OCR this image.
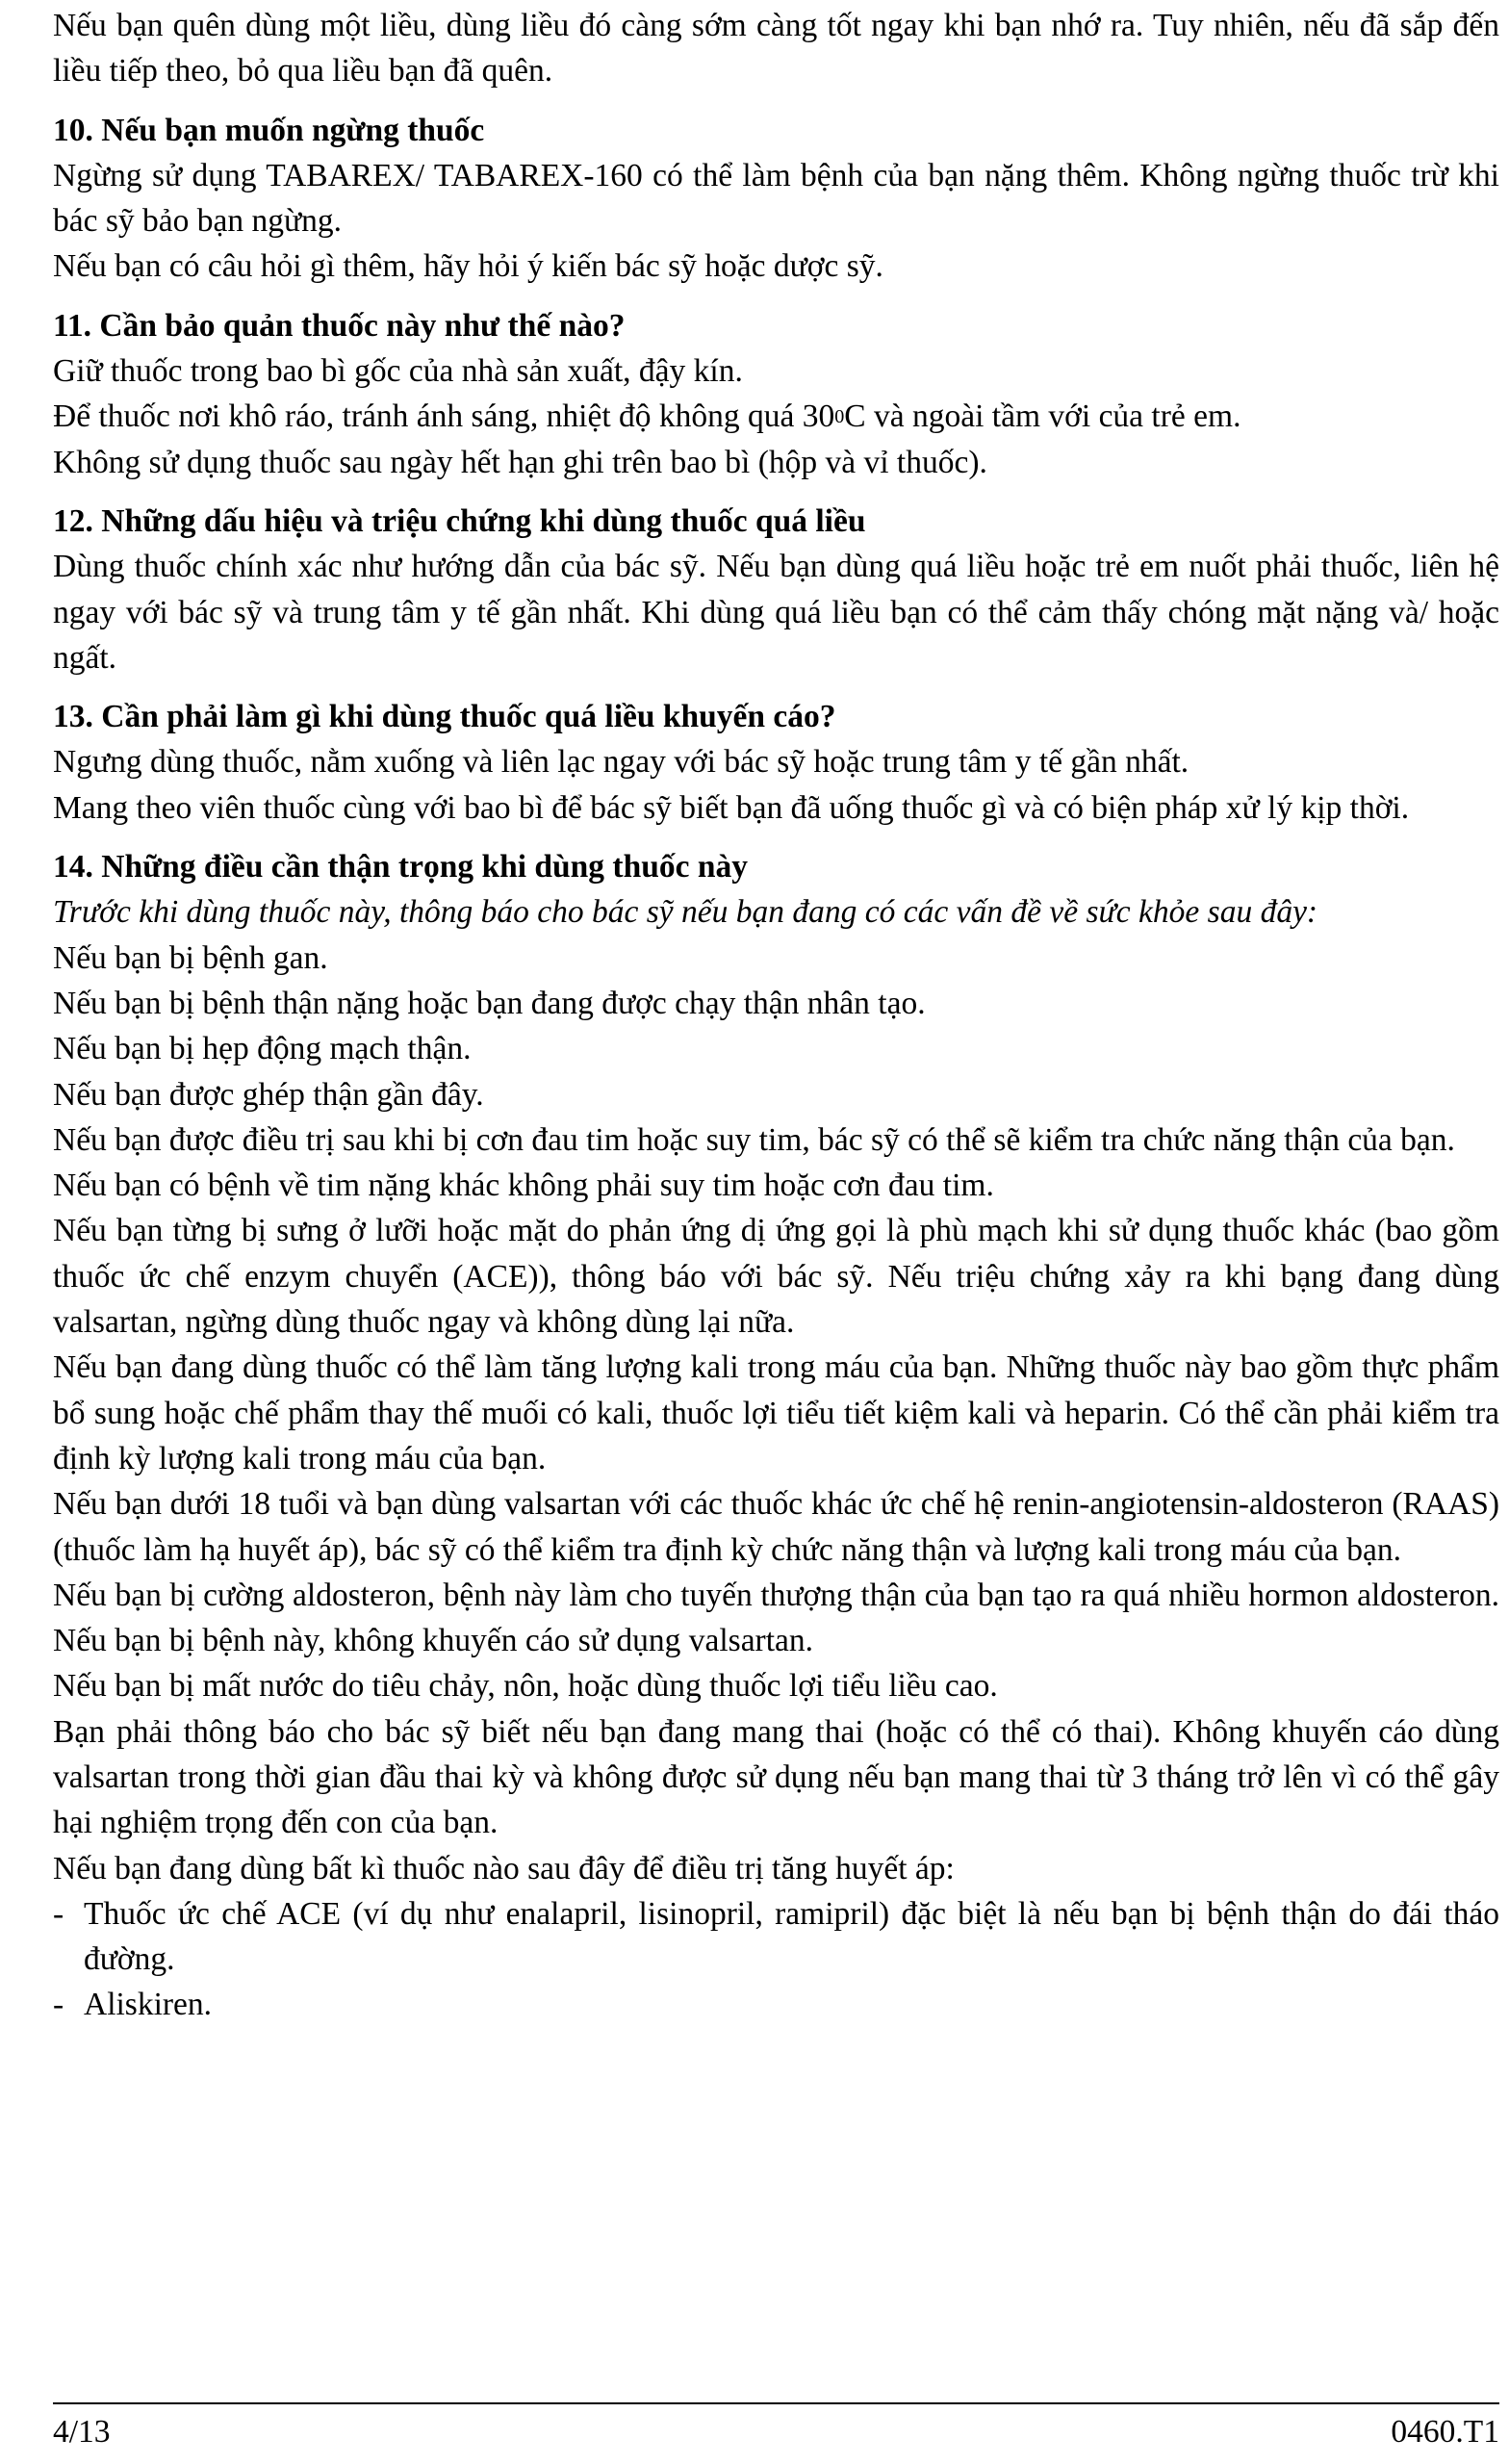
Nếu bạn quên dùng một liều, dùng liều đó càng sớm càng tốt ngay khi bạn nhớ ra. Tuy nhiên, nếu đã sắp đến liều tiếp theo, bỏ qua liều bạn đã quên.

10. Nếu bạn muốn ngừng thuốc

Ngừng sử dụng TABAREX/ TABAREX-160 có thể làm bệnh của bạn nặng thêm. Không ngừng thuốc trừ khi bác sỹ bảo bạn ngừng.

Nếu bạn có câu hỏi gì thêm, hãy hỏi ý kiến bác sỹ hoặc dược sỹ.

11. Cần bảo quản thuốc này như thế nào?

Giữ thuốc trong bao bì gốc của nhà sản xuất, đậy kín.

Để thuốc nơi khô ráo, tránh ánh sáng, nhiệt độ không quá $30^0C$ và ngoài tầm với của trẻ em.

Không sử dụng thuốc sau ngày hết hạn ghi trên bao bì (hộp và vỉ thuốc).

12. Những dấu hiệu và triệu chứng khi dùng thuốc quá liều

Dùng thuốc chính xác như hướng dẫn của bác sỹ. Nếu bạn dùng quá liều hoặc trẻ em nuốt phải thuốc, liên hệ ngay với bác sỹ và trung tâm y tế gần nhất. Khi dùng quá liều bạn có thể cảm thấy chóng mặt nặng và/ hoặc ngất.

13. Cần phải làm gì khi dùng thuốc quá liều khuyến cáo?

Ngưng dùng thuốc, nằm xuống và liên lạc ngay với bác sỹ hoặc trung tâm y tế gần nhất.

Mang theo viên thuốc cùng với bao bì để bác sỹ biết bạn đã uống thuốc gì và có biện pháp xử lý kịp thời.

14. Những điều cần thận trọng khi dùng thuốc này

Trước khi dùng thuốc này, thông báo cho bác sỹ nếu bạn đang có các vấn đề về sức khỏe sau đây:

Nếu bạn bị bệnh gan.

Nếu bạn bị bệnh thận nặng hoặc bạn đang được chạy thận nhân tạo.

Nếu bạn bị hẹp động mạch thận.

Nếu bạn được ghép thận gần đây.

Nếu bạn được điều trị sau khi bị cơn đau tim hoặc suy tim, bác sỹ có thể sẽ kiểm tra chức năng thận của bạn.

Nếu bạn có bệnh về tim nặng khác không phải suy tim hoặc cơn đau tim.

Nếu bạn từng bị sưng ở lưỡi hoặc mặt do phản ứng dị ứng gọi là phù mạch khi sử dụng thuốc khác (bao gồm thuốc ức chế enzym chuyển (ACE)), thông báo với bác sỹ. Nếu triệu chứng xảy ra khi bạng đang dùng valsartan, ngừng dùng thuốc ngay và không dùng lại nữa.

Nếu bạn đang dùng thuốc có thể làm tăng lượng kali trong máu của bạn. Những thuốc này bao gồm thực phẩm bổ sung hoặc chế phẩm thay thế muối có kali, thuốc lợi tiểu tiết kiệm kali và heparin. Có thể cần phải kiểm tra định kỳ lượng kali trong máu của bạn.

Nếu bạn dưới 18 tuổi và bạn dùng valsartan với các thuốc khác ức chế hệ renin-angiotensin-aldosteron (RAAS) (thuốc làm hạ huyết áp), bác sỹ có thể kiểm tra định kỳ chức năng thận và lượng kali trong máu của bạn.

Nếu bạn bị cường aldosteron, bệnh này làm cho tuyến thượng thận của bạn tạo ra quá nhiều hormon aldosteron. Nếu bạn bị bệnh này, không khuyến cáo sử dụng valsartan.

Nếu bạn bị mất nước do tiêu chảy, nôn, hoặc dùng thuốc lợi tiểu liều cao.

Bạn phải thông báo cho bác sỹ biết nếu bạn đang mang thai (hoặc có thể có thai). Không khuyến cáo dùng valsartan trong thời gian đầu thai kỳ và không được sử dụng nếu bạn mang thai từ 3 tháng trở lên vì có thể gây hại nghiệm trọng đến con của bạn.

Nếu bạn đang dùng bất kì thuốc nào sau đây để điều trị tăng huyết áp:

- Thuốc ức chế ACE (ví dụ như enalapril, lisinopril, ramipril) đặc biệt là nếu bạn bị bệnh thận do đái tháo đường.
- Aliskiren.
4/13	0460.T1
